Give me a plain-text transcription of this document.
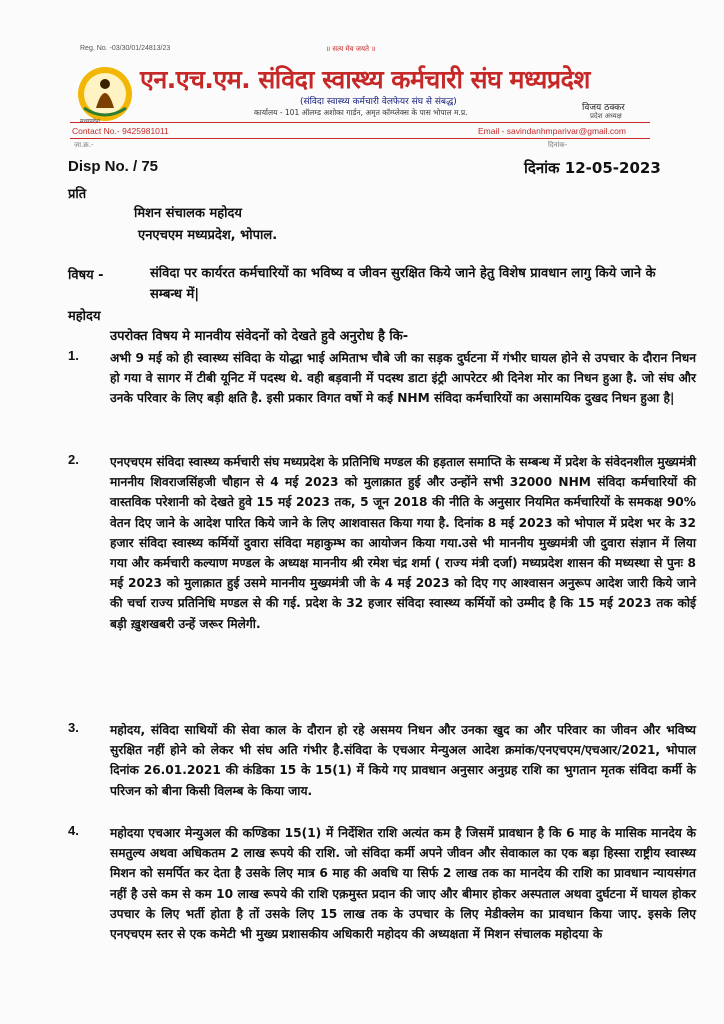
Reg. No. -03/30/01/24813/23	॥ सत्य मेव जयते ॥
एन.एच.एम. संविदा स्वास्थ्य कर्मचारी संघ मध्यप्रदेश
(संविदा स्वास्थ्य कर्मचारी वेलफेयर संघ से संबद्ध)
कार्यालय - 101 ऑलम्ड अशोका गार्डन, अमृत कॉम्प्लेक्स के पास भोपाल म.प्र.	विजय ठक्कर
प्रदेश अध्यक्ष
Contact No.- 9425981011	Email - savindanhmparivar@gmail.com
जा.क्र.-	दिनांक-
Disp No. / 75	दिनांक 12-05-2023
प्रति
मिशन संचालक महोदय
एनएचएम मध्यप्रदेश, भोपाल.
विषय -	संविदा पर कार्यरत कर्मचारियों का भविष्य व जीवन सुरक्षित किये जाने हेतु विशेष प्रावधान लागु किये जाने के सम्बन्ध में|
महोदय
उपरोक्त विषय मे मानवीय संवेदनों को देखते हुवे अनुरोध है कि-
1.	अभी 9 मई को ही स्वास्थ्य संविदा के योद्धा भाई अमिताभ चौबे जी का सड़क दुर्घटना में गंभीर घायल होने से उपचार के दौरान निधन हो गया वे सागर में टीबी यूनिट में पदस्थ थे. वही बड़वानी में पदस्थ डाटा इंट्री आपरेटर श्री दिनेश मोर का निधन हुआ है. जो संघ और उनके परिवार के लिए बड़ी क्षति है. इसी प्रकार विगत वर्षो मे कई NHM संविदा कर्मचारियों का असामयिक दुखद निधन हुआ है|
2.	एनएचएम संविदा स्वास्थ्य कर्मचारी संघ मध्यप्रदेश के प्रतिनिधि मण्डल की हड़ताल समाप्ति के सम्बन्ध में प्रदेश के संवेदनशील मुख्यमंत्री माननीय शिवराजसिंहजी चौहान से 4 मई 2023 को मुलाक़ात हुई और उन्होंने सभी 32000 NHM संविदा कर्मचारियों की वास्तविक परेशानी को देखते हुवे 15 मई 2023 तक, 5 जून 2018 की नीति के अनुसार नियमित कर्मचारियों के समकक्ष 90% वेतन दिए जाने के आदेश पारित किये जाने के लिए आशवासत किया गया है. दिनांक 8 मई 2023 को भोपाल में प्रदेश भर के 32 हजार संविदा स्वास्थ्य कर्मियों दुवारा संविदा महाकुम्भ का आयोजन किया गया.उसे भी माननीय मुख्यमंत्री जी दुवारा संज्ञान में लिया गया और कर्मचारी कल्याण मण्डल के अध्यक्ष माननीय श्री रमेश चंद्र शर्मा ( राज्य मंत्री दर्जा) मध्यप्रदेश शासन की मध्यस्था से पुनः 8 मई 2023 को मुलाक़ात हुई उसमे माननीय मुख्यमंत्री जी के 4 मई 2023 को दिए गए आश्वासन अनुरूप आदेश जारी किये जाने की चर्चा राज्य प्रतिनिधि मण्डल से की गई. प्रदेश के 32 हजार संविदा स्वास्थ्य कर्मियों को उम्मीद है कि 15 मई 2023 तक कोई बड़ी ख़ुशखबरी उन्हें जरूर मिलेगी.
3.	महोदय, संविदा साथियों की सेवा काल के दौरान हो रहे असमय निधन और उनका खुद का और परिवार का जीवन और भविष्य सुरक्षित नहीं होने को लेकर भी संघ अति गंभीर है.संविदा के एचआर मेन्युअल आदेश क्रमांक/एनएचएम/एचआर/2021, भोपाल दिनांक 26.01.2021 की कंडिका 15 के 15(1) में किये गए प्रावधान अनुसार अनुग्रह राशि का भुगतान मृतक संविदा कर्मी के परिजन को बीना किसी विलम्ब के किया जाय.
4.	महोदया एचआर मेन्युअल की कण्डिका 15(1) में निर्देशित राशि अत्यंत कम है जिसमें प्रावधान है कि 6 माह के मासिक मानदेय के समतुल्य अथवा अधिकतम 2 लाख रूपये की राशि. जो संविदा कर्मी अपने जीवन और सेवाकाल का एक बड़ा हिस्सा राष्ट्रीय स्वास्थ्य मिशन को समर्पित कर देता है उसके लिए मात्र 6 माह की अवधि या सिर्फ 2 लाख तक का मानदेय की राशि का प्रावधान न्यायसंगत नहीं है उसे कम से कम 10 लाख रूपये की राशि एक़मुस्त प्रदान की जाए और बीमार होकर अस्पताल अथवा दुर्घटना में घायल होकर उपचार के लिए भर्ती होता है तों उसके लिए 15 लाख तक के उपचार के लिए मेडीक्लेम का प्रावधान किया जाए. इसके लिए एनएचएम स्तर से एक कमेटी भी मुख्य प्रशासकीय अधिकारी महोदय की अध्यक्षता में मिशन संचालक महोदया के
